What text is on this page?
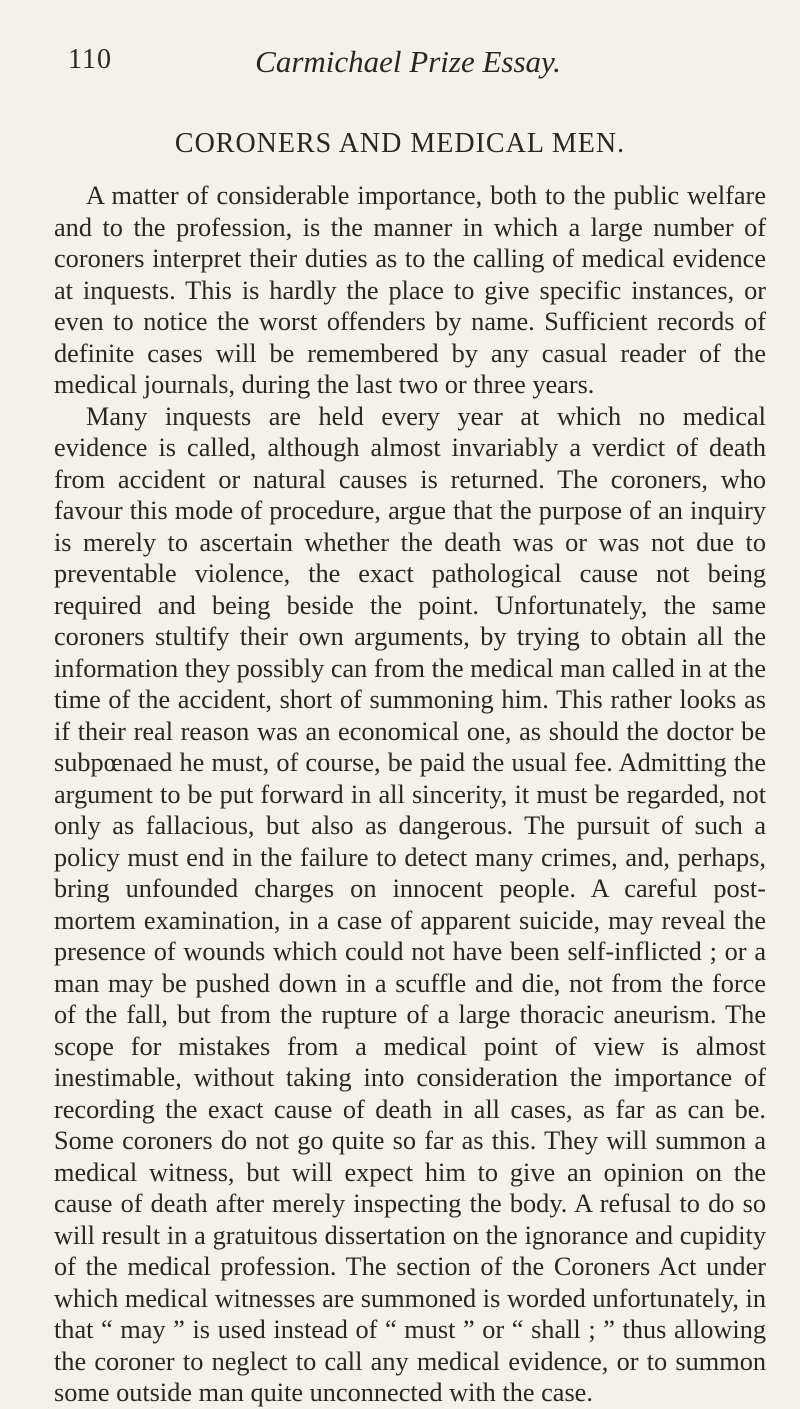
110	Carmichael Prize Essay.
CORONERS AND MEDICAL MEN.

A matter of considerable importance, both to the public welfare and to the profession, is the manner in which a large number of coroners interpret their duties as to the calling of medical evidence at inquests. This is hardly the place to give specific instances, or even to notice the worst offenders by name. Sufficient records of definite cases will be remembered by any casual reader of the medical journals, during the last two or three years.

Many inquests are held every year at which no medical evidence is called, although almost invariably a verdict of death from accident or natural causes is returned. The coroners, who favour this mode of procedure, argue that the purpose of an inquiry is merely to ascertain whether the death was or was not due to preventable violence, the exact pathological cause not being required and being beside the point. Unfortunately, the same coroners stultify their own arguments, by trying to obtain all the information they possibly can from the medical man called in at the time of the accident, short of summoning him. This rather looks as if their real reason was an economical one, as should the doctor be subpœnaed he must, of course, be paid the usual fee. Admitting the argument to be put forward in all sincerity, it must be regarded, not only as fallacious, but also as dangerous. The pursuit of such a policy must end in the failure to detect many crimes, and, perhaps, bring unfounded charges on innocent people. A careful post-mortem examination, in a case of apparent suicide, may reveal the presence of wounds which could not have been self-inflicted ; or a man may be pushed down in a scuffle and die, not from the force of the fall, but from the rupture of a large thoracic aneurism. The scope for mistakes from a medical point of view is almost inestimable, without taking into consideration the importance of recording the exact cause of death in all cases, as far as can be. Some coroners do not go quite so far as this. They will summon a medical witness, but will expect him to give an opinion on the cause of death after merely inspecting the body. A refusal to do so will result in a gratuitous dissertation on the ignorance and cupidity of the medical profession. The section of the Coroners Act under which medical witnesses are summoned is worded unfortunately, in that “ may ” is used instead of “ must ” or “ shall ; ” thus allowing the coroner to neglect to call any medical evidence, or to summon some outside man quite unconnected with the case.
